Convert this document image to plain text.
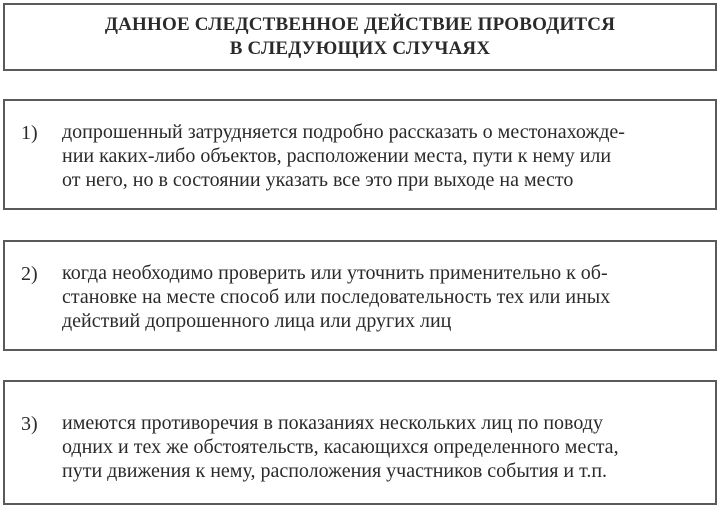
ДАННОЕ СЛЕДСТВЕННОЕ ДЕЙСТВИЕ ПРОВОДИТСЯ
В СЛЕДУЮЩИХ СЛУЧАЯХ
1) допрошенный затрудняется подробно рассказать о местонахожде-
нии каких-либо объектов, расположении места, пути к нему или
от него, но в состоянии указать все это при выходе на место
2) когда необходимо проверить или уточнить применительно к об-
становке на месте способ или последовательность тех или иных
действий допрошенного лица или других лиц
3) имеются противоречия в показаниях нескольких лиц по поводу
одних и тех же обстоятельств, касающихся определенного места,
пути движения к нему, расположения участников события и т.п.
